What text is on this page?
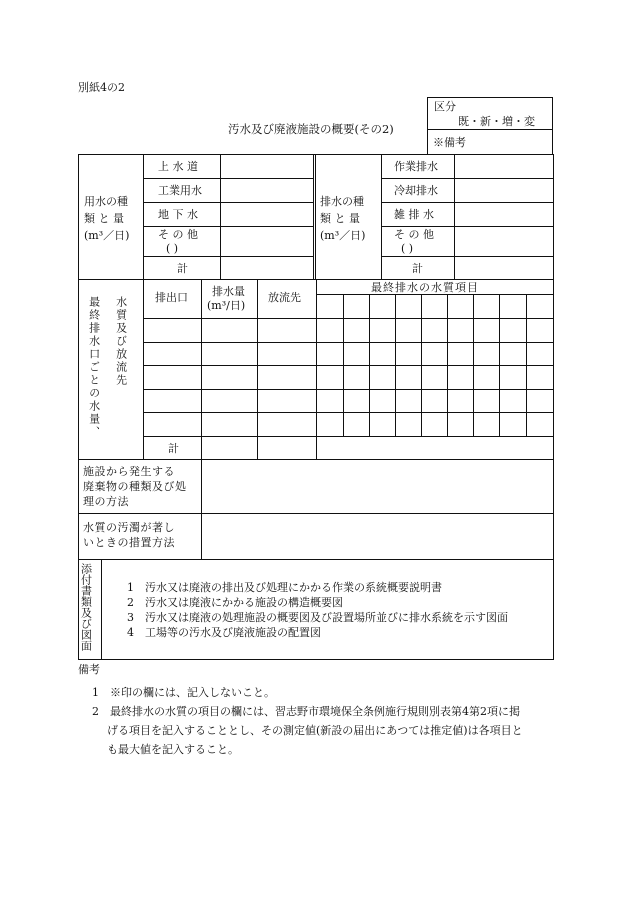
別紙4の2
汚水及び廃液施設の概要(その2)
区分
既・新・増・変
※備考
用水の種
類 と 量
(m³／日)
上 水 道
工業用水
地 下 水
そ の 他
( )
計
排水の種
類 と 量
(m³／日)
作業排水
冷却排水
雑 排 水
そ の 他
( )
計
最終排水口ごとの水量、 水質及び放流先 排出口 排水量
(m³/日)
放流先
最終排水の水質項目
計
施設から発生する
廃棄物の種類及び処
理の方法
水質の汚濁が著し
いときの措置方法
添付書類及び図面	1　汚水又は廃液の排出及び処理にかかる作業の系統概要説明書
2　汚水又は廃液にかかる施設の構造概要図
3　汚水又は廃液の処理施設の概要図及び設置場所並びに排水系統を示す図面
4　工場等の汚水及び廃液施設の配置図
備考
1　※印の欄には、記入しないこと。
2　最終排水の水質の項目の欄には、習志野市環境保全条例施行規則別表第4第2項に掲
げる項目を記入することとし、その測定値(新設の届出にあつては推定値)は各項目と
も最大値を記入すること。
